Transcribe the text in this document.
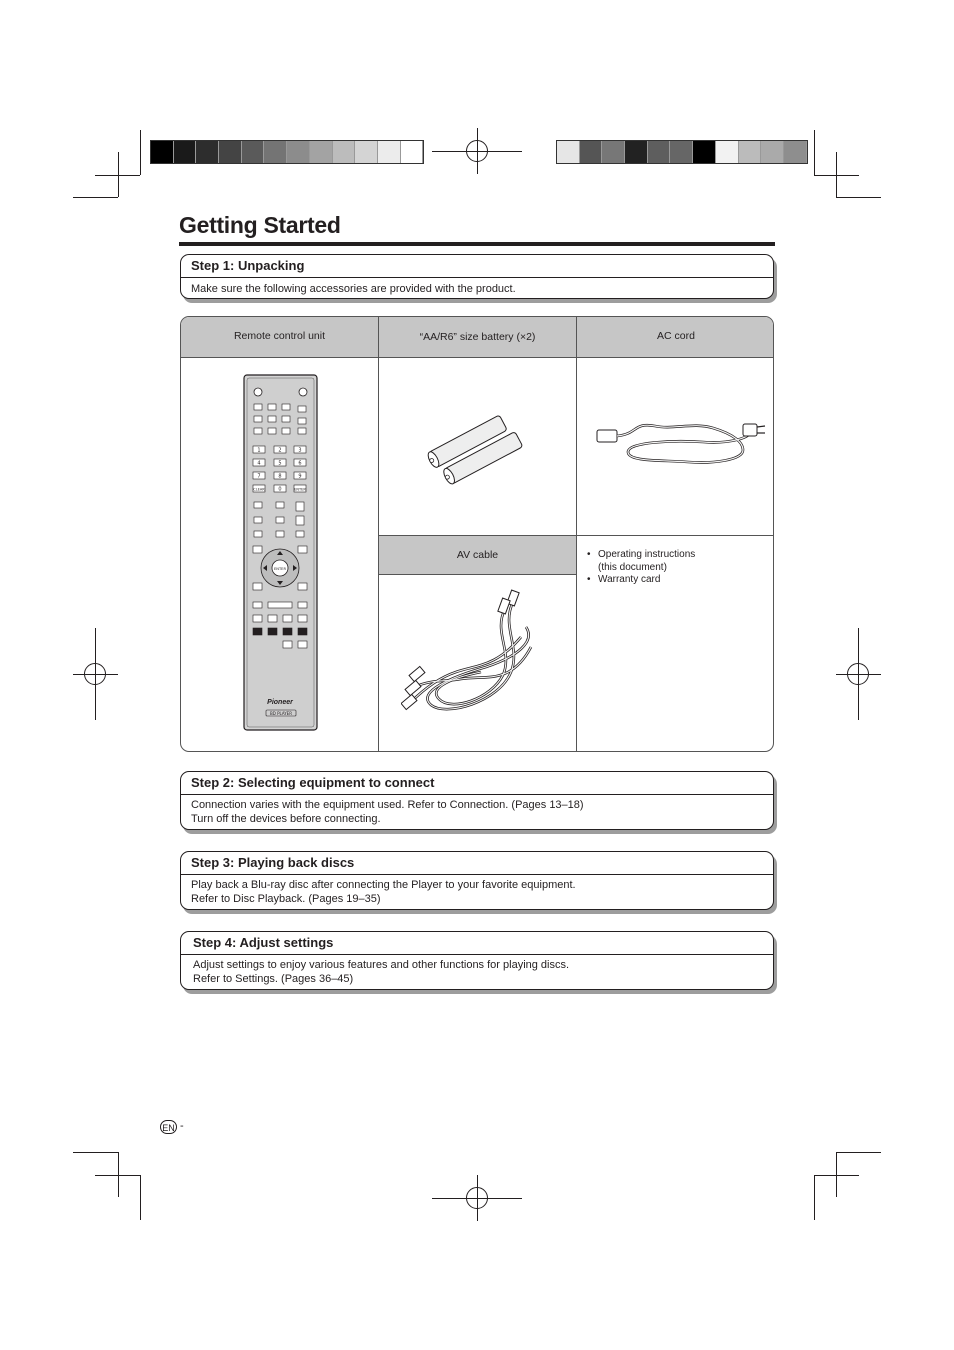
Getting Started
Step 1: Unpacking
Make sure the following accessories are provided with the product.
Remote control unit	“AA/R6” size battery (×2)	AC cord
AV cable
•	Operating instructions
(this document)
• Warranty card
1	2	3
4	5	6
7	8	9
CLEAR	0	ENTER
ENTER
Pioneer
BD PLAYER
Step 2: Selecting equipment to connect
Connection varies with the equipment used. Refer to Connection. (Pages 13–18)
Turn off the devices before connecting.
Step 3: Playing back discs
Play back a Blu-ray disc after connecting the Player to your favorite equipment.
Refer to Disc Playback. (Pages 19–35)
Step 4: Adjust settings
Adjust settings to enjoy various features and other functions for playing discs.
Refer to Settings. (Pages 36–45)
EN -
